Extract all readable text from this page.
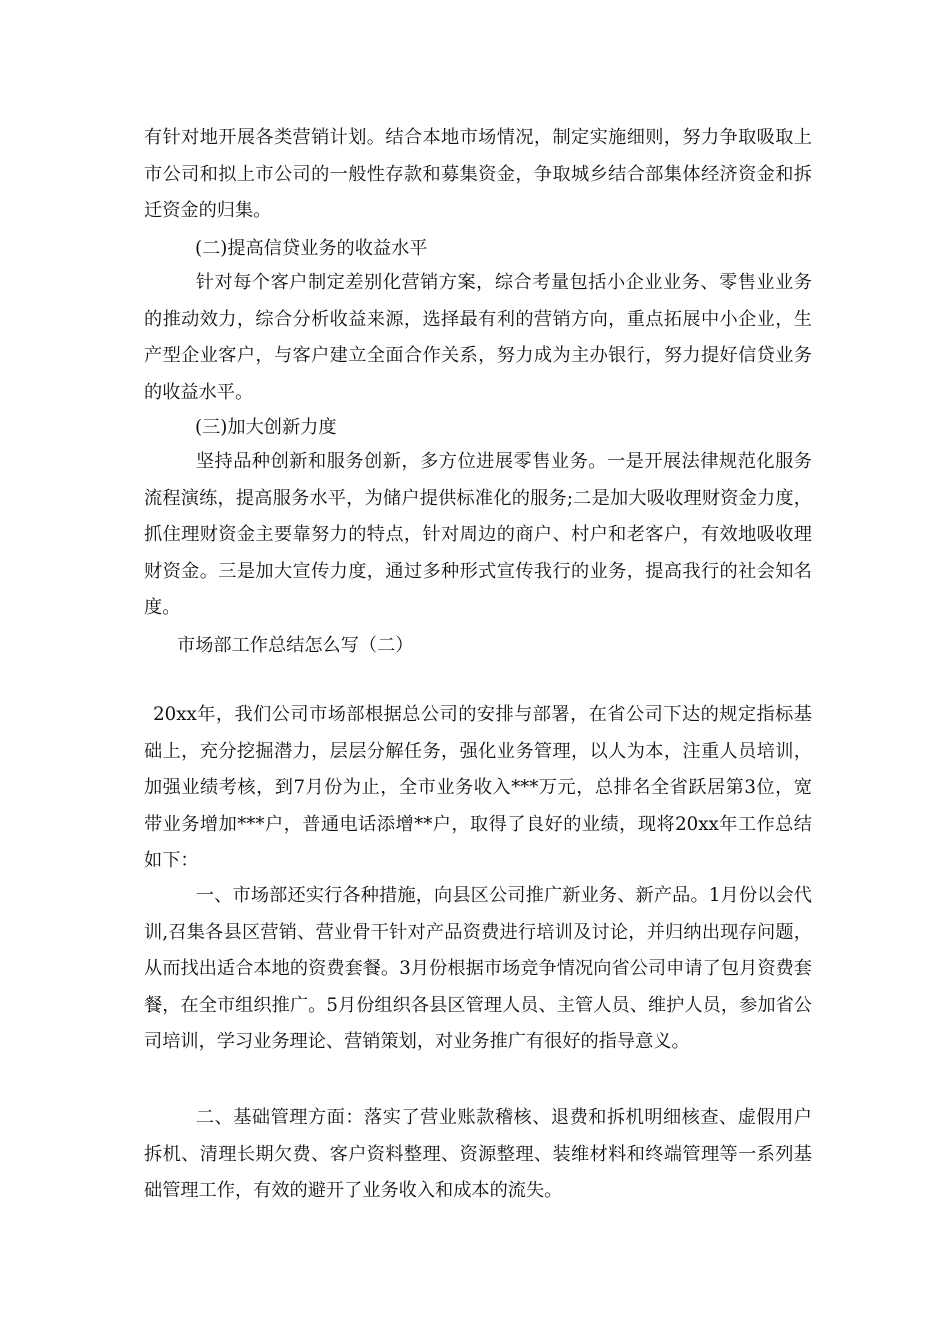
有针对地开展各类营销计划。结合本地市场情况，制定实施细则，努力争取吸取上市公司和拟上市公司的一般性存款和募集资金，争取城乡结合部集体经济资金和拆迁资金的归集。

(二)提高信贷业务的收益水平

针对每个客户制定差别化营销方案，综合考量包括小企业业务、零售业业务的推动效力，综合分析收益来源，选择最有利的营销方向，重点拓展中小企业，生产型企业客户，与客户建立全面合作关系，努力成为主办银行，努力提好信贷业务的收益水平。

(三)加大创新力度

坚持品种创新和服务创新，多方位进展零售业务。一是开展法律规范化服务流程演练，提高服务水平，为储户提供标准化的服务;二是加大吸收理财资金力度，抓住理财资金主要靠努力的特点，针对周边的商户、村户和老客户，有效地吸收理财资金。三是加大宣传力度，通过多种形式宣传我行的业务，提高我行的社会知名度。

市场部工作总结怎么写（二）

20xx年，我们公司市场部根据总公司的安排与部署，在省公司下达的规定指标基础上，充分挖掘潜力，层层分解任务，强化业务管理，以人为本，注重人员培训，加强业绩考核，到7月份为止，全市业务收入***万元，总排名全省跃居第3位，宽带业务增加***户，普通电话添增**户，取得了良好的业绩，现将20xx年工作总结如下：

一、市场部还实行各种措施，向县区公司推广新业务、新产品。1月份以会代训,召集各县区营销、营业骨干针对产品资费进行培训及讨论，并归纳出现存问题，从而找出适合本地的资费套餐。3月份根据市场竞争情况向省公司申请了包月资费套餐，在全市组织推广。5月份组织各县区管理人员、主管人员、维护人员，参加省公司培训，学习业务理论、营销策划，对业务推广有很好的指导意义。

二、基础管理方面：落实了营业账款稽核、退费和拆机明细核查、虚假用户拆机、清理长期欠费、客户资料整理、资源整理、装维材料和终端管理等一系列基础管理工作，有效的避开了业务收入和成本的流失。
